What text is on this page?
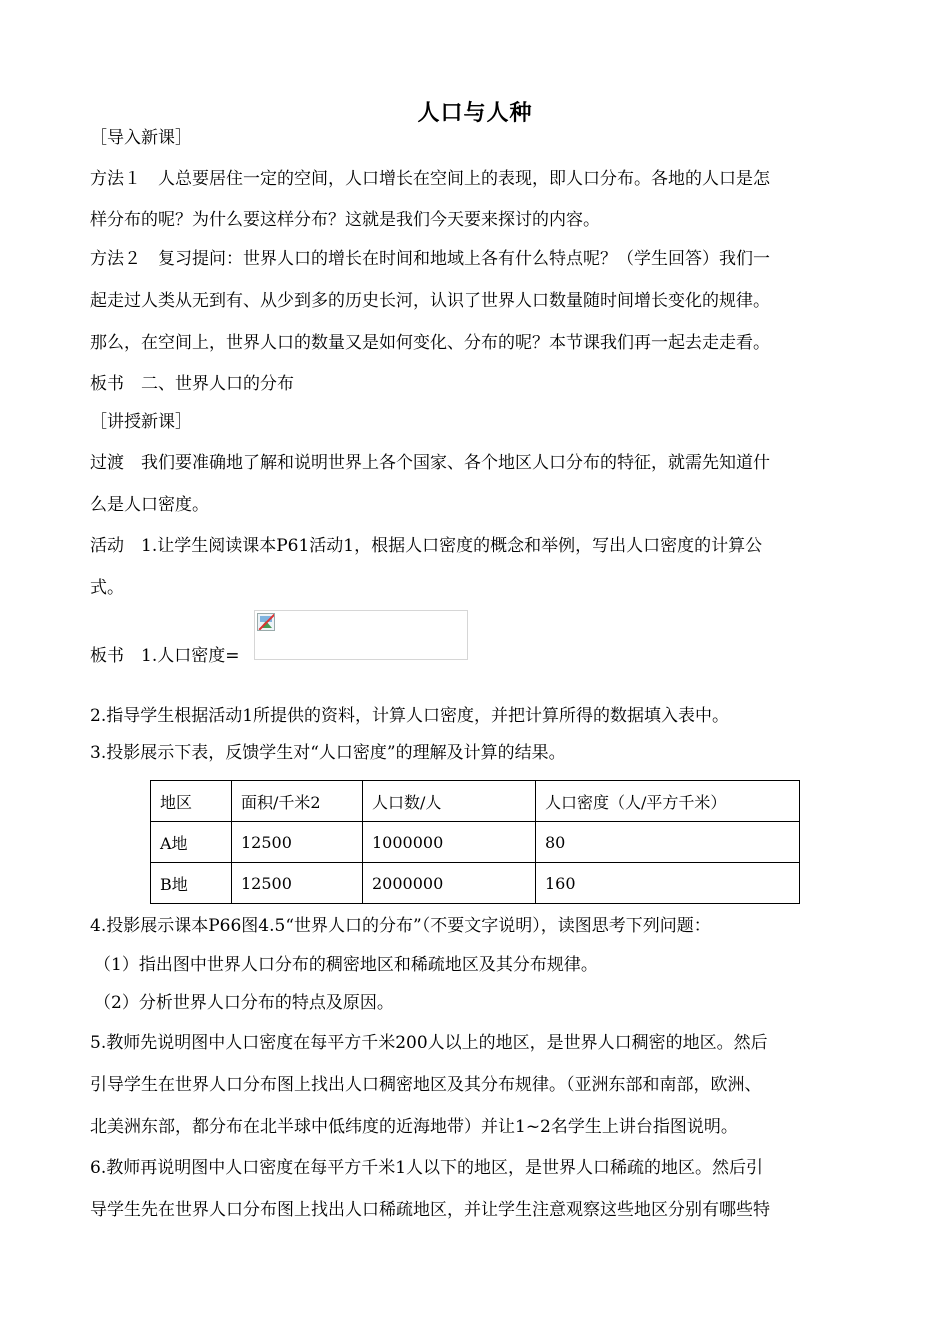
人口与人种
［导入新课］
方法１　人总要居住一定的空间，人口增长在空间上的表现，即人口分布。各地的人口是怎
样分布的呢？为什么要这样分布？这就是我们今天要来探讨的内容。
方法２　复习提问：世界人口的增长在时间和地域上各有什么特点呢？（学生回答）我们一
起走过人类从无到有、从少到多的历史长河，认识了世界人口数量随时间增长变化的规律。
那么，在空间上，世界人口的数量又是如何变化、分布的呢？本节课我们再一起去走走看。
板书　二、世界人口的分布
［讲授新课］
过渡　我们要准确地了解和说明世界上各个国家、各个地区人口分布的特征，就需先知道什
么是人口密度。
活动　1.让学生阅读课本P61活动1，根据人口密度的概念和举例，写出人口密度的计算公
式。
板书　1.人口密度=
2.指导学生根据活动1所提供的资料，计算人口密度，并把计算所得的数据填入表中。
3.投影展示下表，反馈学生对“人口密度”的理解及计算的结果。
地区	面积/千米2	人口数/人	人口密度（人/平方千米）
A地	12500	1000000	80
B地	12500	2000000	160
4.投影展示课本P66图4.5“世界人口的分布”（不要文字说明），读图思考下列问题：
（1）指出图中世界人口分布的稠密地区和稀疏地区及其分布规律。
（2）分析世界人口分布的特点及原因。
5.教师先说明图中人口密度在每平方千米200人以上的地区，是世界人口稠密的地区。然后
引导学生在世界人口分布图上找出人口稠密地区及其分布规律。（亚洲东部和南部，欧洲、
北美洲东部，都分布在北半球中低纬度的近海地带）并让1~2名学生上讲台指图说明。
6.教师再说明图中人口密度在每平方千米1人以下的地区，是世界人口稀疏的地区。然后引
导学生先在世界人口分布图上找出人口稀疏地区，并让学生注意观察这些地区分别有哪些特
